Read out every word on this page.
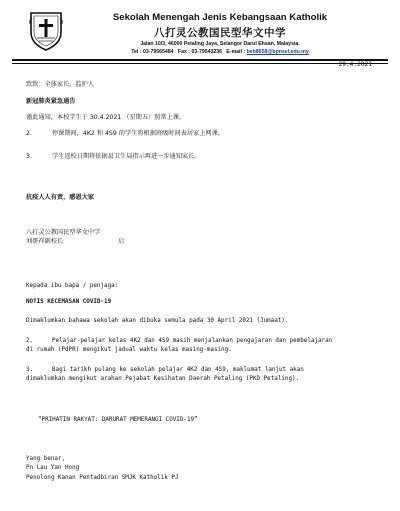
Sekolah Menengah Jenis Kebangsaan Katholik
八打灵公教国民型华文中学
Jalan 10/3, 46000 Petaling Jaya, Selangor Darul Ehsan, Malaysia.
Tel : 03-79565484 Fax : 03-79543236 E-mail : beb8658@bpnsel.edu.my
29.4.2021
致致：全体家长、监护人
新冠肺炎紧急通告
谨此通知，本校学生于 30.4.2021 （星期五）照常上课。
2.	停课期间，4K2 和 4S9 的学生将根据班级时间表居家上网课。
3.	学生返校日期将依据县卫生局指示再进一步通知家长。
抗疫人人有责，感恩大家
八打灵公教国民型华文中学
刘妍祥副校长	启
Kepada ibu bapa / penjaga:
NOTIS KECEMASAN COVID-19
Dimaklumkan bahawa sekolah akan dibuka semula pada 30 April 2021 (Jumaat).
2.	Pelajar-pelajar kelas 4K2 dan 4S9 masih menjalankan pengajaran dan pembelajaran
di rumah (PdPR) mengikut jadual waktu kelas masing-masing.
3.	Bagi tarikh pulang ke sekolah pelajar 4K2 dan 4S9, maklumat lanjut akan
dimaklumkan mengikut arahan Pejabat Kesihatan Daerah Petaling (PKD Petaling).
“PRIHATIN RAKYAT: DARURAT MEMERANGI COVID-19”
Yang benar,
Pn Lau Yan Hong
Penolong Kanan Pentadbiran SMJK Katholik PJ
